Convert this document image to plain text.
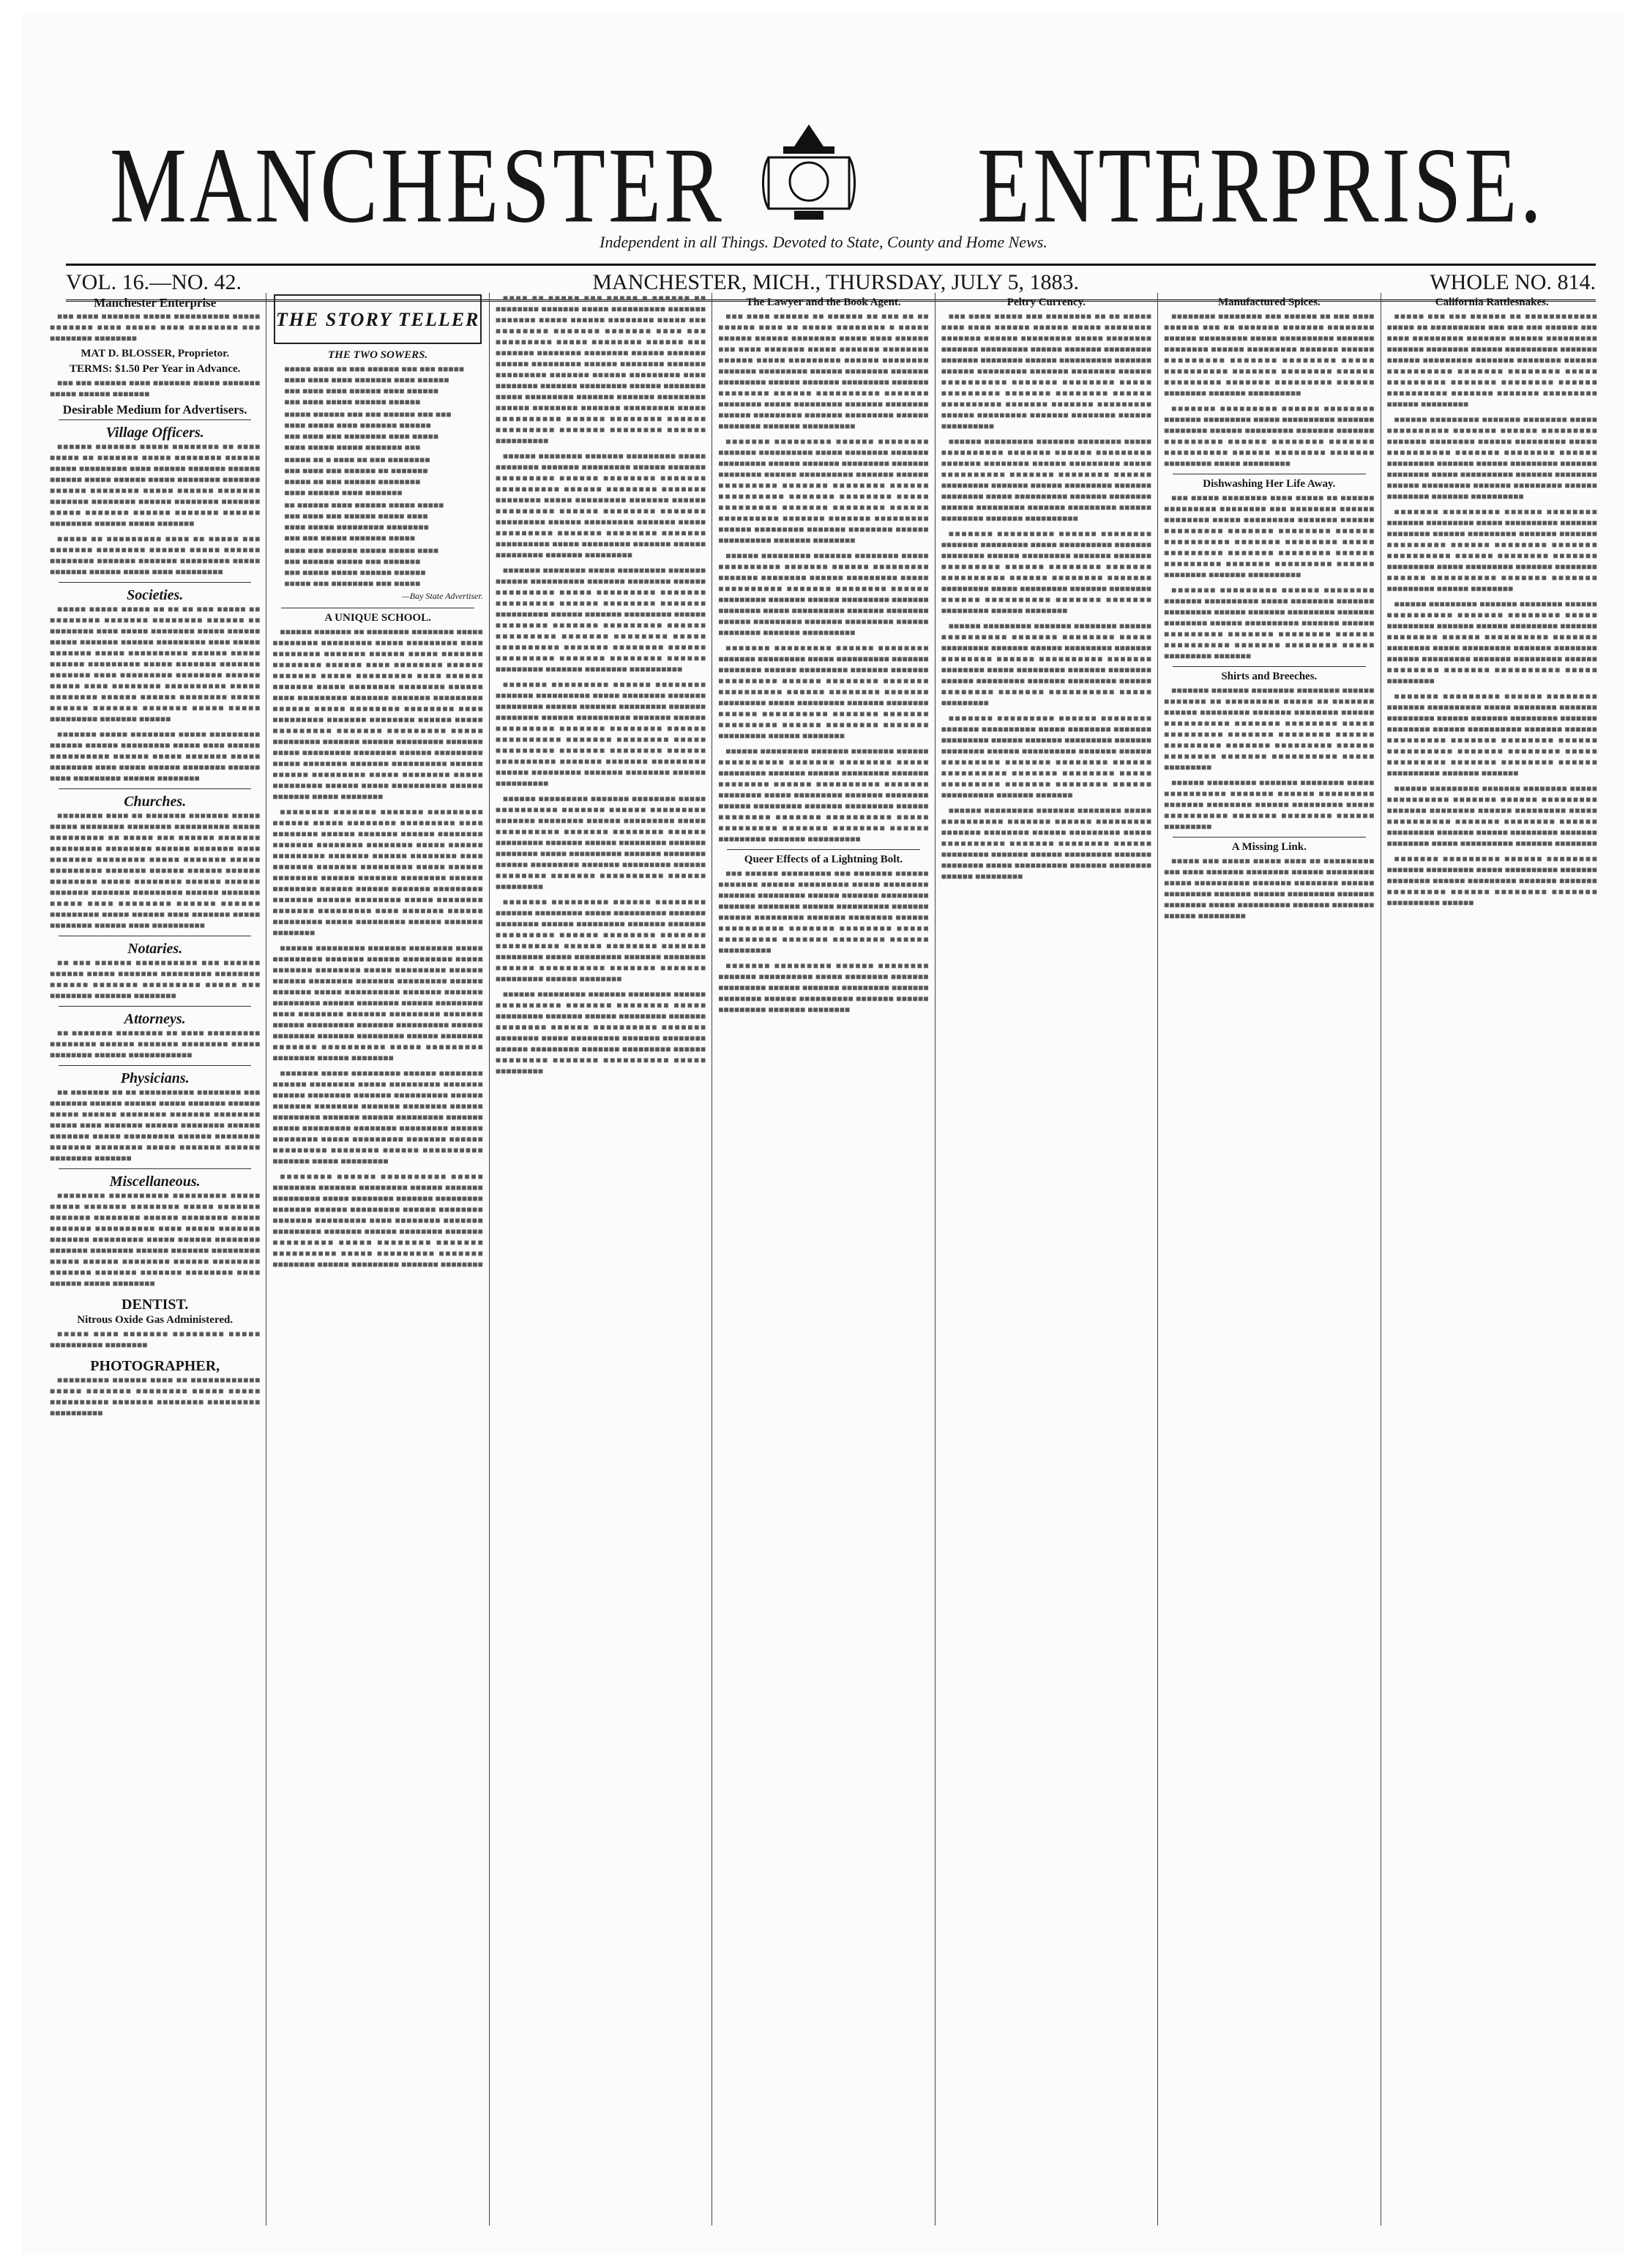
MANCHESTER	ENTERPRISE.
Independent in all Things. Devoted to State, County and Home News.
VOL. 16.—NO. 42.	MANCHESTER, MICH., THURSDAY, JULY 5, 1883.	WHOLE NO. 814.
Manchester Enterprise
■■■ ■■■■ ■■■■■■■ ■■■■■ ■■■■■■■■■■ ■■■■■ ■■■■■■■ ■■■■ ■■■■■ ■■■■ ■■■■■■■■ ■■■ ■■■■■■■■ ■■■■■■■■
MAT D. BLOSSER, Proprietor.
TERMS: $1.50 Per Year in Advance.
■■■ ■■■ ■■■■■■ ■■■■ ■■■■■■■ ■■■■■ ■■■■■■■ ■■■■■ ■■■■■■ ■■■■■■■
Desirable Medium for Advertisers.
Village Officers.
■■■■■■ ■■■■■■■ ■■■■■ ■■■■■■■■ ■■ ■■■■ ■■■■■ ■■ ■■■■■■■ ■■■■■ ■■■■■■■■ ■■■■■■ ■■■■■ ■■■■■■■■■ ■■■■ ■■■■■■ ■■■■■■■ ■■■■■■ ■■■■■■ ■■■■■ ■■■■■■ ■■■■■ ■■■■■■■■ ■■■■■■■ ■■■■■■ ■■■■■■■■ ■■■■■ ■■■■■■ ■■■■■■■ ■■■■■■■ ■■■■■■■■ ■■■■■■ ■■■■■■■■ ■■■■■■■ ■■■■■ ■■■■■■■ ■■■■■■ ■■■■■■■ ■■■■■■ ■■■■■■■■ ■■■■■■ ■■■■■ ■■■■■■■
■■■■■ ■■ ■■■■■■■■■ ■■■■ ■■ ■■■■■ ■■■ ■■■■■■■ ■■■■■■■■ ■■■■■■ ■■■■■ ■■■■■■ ■■■■■■■■ ■■■■■■■ ■■■■■■■ ■■■■■■■■■ ■■■■■ ■■■■■■■ ■■■■■■ ■■■■■ ■■■■ ■■■■■■■■■
Societies.
■■■■■ ■■■■■ ■■■■■ ■■ ■■ ■■ ■■■ ■■■■■ ■■ ■■■■■■■■ ■■■■■■■ ■■■■■■■■ ■■■■■■ ■■ ■■■■■■■■ ■■■■ ■■■■■ ■■■■■■■■ ■■■■■ ■■■■■■ ■■■■■ ■■■■■■■ ■■■■■■ ■■■■■■■■■ ■■■■ ■■■■■ ■■■■■■■ ■■■■■ ■■■■■■■■■■ ■■■■■■ ■■■■■ ■■■■■■ ■■■■■■■■■ ■■■■■ ■■■■■■■ ■■■■■■■ ■■■■■■■ ■■■■ ■■■■■■■■■ ■■■■■■■■ ■■■■■■ ■■■■■ ■■■■ ■■■■■■■■ ■■■■■■■■■■ ■■■■■ ■■■■■■■■ ■■■■■■ ■■■■■■ ■■■■■■■■ ■■■■■ ■■■■■■ ■■■■■■■ ■■■■■■■ ■■■■■ ■■■■■ ■■■■■■■■■ ■■■■■■■ ■■■■■■
■■■■■■■ ■■■■■ ■■■■■■■■ ■■■■■ ■■■■■■■■■ ■■■■■■ ■■■■■■ ■■■■■■■■■ ■■■■■ ■■■■ ■■■■■■ ■■■■■■■■■■ ■■■■■■ ■■■■■ ■■■■■■■ ■■■■■ ■■■■■■■■ ■■■■ ■■■■■ ■■■■■■ ■■■■■■■■ ■■■■■■ ■■■■ ■■■■■■■■■ ■■■■■■ ■■■■■■■■
Churches.
■■■■■■■■ ■■■■ ■■ ■■■■■■■ ■■■■■■■ ■■■■■ ■■■■■ ■■■■■■■■ ■■■■■■■■ ■■■■■■■■■■ ■■■■■ ■■■■■■■■■ ■■ ■■■■■ ■■■ ■■■■■■ ■■■■■■■ ■■■■■■■■■ ■■■■■■■■ ■■■■■■ ■■■■■■■ ■■■■ ■■■■■■■ ■■■■■■■■ ■■■■■ ■■■■■■■ ■■■■■ ■■■■■■■■■ ■■■■■■■ ■■■■■■ ■■■■■■ ■■■■■■ ■■■■■■■■ ■■■■■ ■■■■■■■■ ■■■■■■ ■■■■■■ ■■■■■■■ ■■■■■■■ ■■■■■■■■■ ■■■■■■ ■■■■■■■ ■■■■■ ■■■■ ■■■■■■■■ ■■■■■■ ■■■■■■ ■■■■■■■■■ ■■■■■ ■■■■■■ ■■■■ ■■■■■■■ ■■■■■ ■■■■■■■■ ■■■■■■ ■■■■ ■■■■■■■■■■
Notaries.
■■ ■■■ ■■■■■■ ■■■■■■■■■■ ■■■ ■■■■■■ ■■■■■■ ■■■■■ ■■■■■■■ ■■■■■■■■■ ■■■■■■■■ ■■■■■■ ■■■■■■■ ■■■■■■■■■ ■■■■■ ■■■ ■■■■■■■■ ■■■■■■■ ■■■■■■■■
Attorneys.
■■ ■■■■■■■ ■■■■■■■■ ■■ ■■■■ ■■■■■■■■■ ■■■■■■■■ ■■■■■■ ■■■■■■■ ■■■■■■■■ ■■■■■ ■■■■■■■■ ■■■■■■ ■■■■■■■■■■■■
Physicians.
■■ ■■■■■■■ ■■ ■■ ■■■■■■■■■■ ■■■■■■■■ ■■■ ■■■■■■■ ■■■■■■ ■■■■■■ ■■■■■ ■■■■■■■ ■■■■■■ ■■■■■ ■■■■■■ ■■■■■■■■ ■■■■■■■ ■■■■■■■■ ■■■■■ ■■■■ ■■■■■■■ ■■■■■■ ■■■■■■■■ ■■■■■■ ■■■■■■■ ■■■■■ ■■■■■■■■■ ■■■■■■ ■■■■■■■■ ■■■■■■■ ■■■■■■■■ ■■■■■ ■■■■■■■ ■■■■■■ ■■■■■■■■ ■■■■■■■
Miscellaneous.
■■■■■■■■ ■■■■■■■■■■ ■■■■■■■■■ ■■■■■ ■■■■■ ■■■■■■■ ■■■■■■■■ ■■■■■ ■■■■■■■ ■■■■■■■ ■■■■■■■■ ■■■■■■ ■■■■■■■■ ■■■■■ ■■■■■■■ ■■■■■■■■■■ ■■■■ ■■■■■ ■■■■■■■ ■■■■■■■ ■■■■■■■■■ ■■■■■ ■■■■■■ ■■■■■■■■ ■■■■■■■ ■■■■■■■■ ■■■■■■ ■■■■■■■ ■■■■■■■■■ ■■■■■ ■■■■■■ ■■■■■■■■ ■■■■■■ ■■■■■■■■ ■■■■■■■ ■■■■■■■ ■■■■■■■ ■■■■■■■■ ■■■■ ■■■■■■ ■■■■■ ■■■■■■■■
DENTIST.
Nitrous Oxide Gas Administered.
■■■■■ ■■■■ ■■■■■■■ ■■■■■■■■ ■■■■■ ■■■■■■■■■■ ■■■■■■■■
PHOTOGRAPHER,
■■■■■■■■■ ■■■■■■ ■■■■ ■■ ■■■■■■■■■■■■ ■■■■■ ■■■■■■■ ■■■■■■■■ ■■■■■ ■■■■■ ■■■■■■■■■■ ■■■■■■■ ■■■■■■■■ ■■■■■■■■■ ■■■■■■■■■■
THE STORY TELLER
THE TWO SOWERS.
■■■■■ ■■■■ ■■ ■■■ ■■■■■■ ■■■ ■■■ ■■■■■
■■■■ ■■■■ ■■■■ ■■■■■■■ ■■■■ ■■■■■■
■■■ ■■■■ ■■■■ ■■■■■■ ■■■■ ■■■■■■
■■■ ■■■■ ■■■■■ ■■■■■■ ■■■■■■
■■■■■ ■■■■■■ ■■■ ■■■ ■■■■■■ ■■■ ■■■
■■■■ ■■■■■ ■■■■ ■■■■■■■ ■■■■■■
■■■ ■■■■ ■■■ ■■■■■■■■ ■■■■ ■■■■■
■■■■ ■■■■■ ■■■■■ ■■■■■■■ ■■■
■■■■■ ■■ ■ ■■■■ ■■ ■■■ ■■■■■■■■
■■■ ■■■■ ■■■ ■■■■■■ ■■ ■■■■■■■
■■■■■ ■■ ■■■ ■■■■■■ ■■■■■■■■
■■■■ ■■■■■■ ■■■■ ■■■■■■■
■■ ■■■■■■ ■■■■ ■■■■■■ ■■■■■ ■■■■■
■■■ ■■■■ ■■■ ■■■■■■ ■■■■■ ■■■■
■■■■ ■■■■■ ■■■■■■■■■ ■■■■■■■■
■■■ ■■■ ■■■■■ ■■■■■■■ ■■■■■
■■■■ ■■■ ■■■■■■ ■■■■■ ■■■■■ ■■■■
■■■ ■■■■■■ ■■■■■ ■■■ ■■■■■■■
■■■ ■■■■■ ■■■■■ ■■■■■■ ■■■■■■
■■■■■ ■■■ ■■■■■■■■ ■■■ ■■■■■
—Bay State Advertiser.
A UNIQUE SCHOOL.
■■■■■■ ■■■■■■■ ■■ ■■■■■■■■ ■■■■■■■■ ■■■■■ ■■■■■■■■ ■■■■■■■■■ ■■■■■ ■■■■■■■■■ ■■■■ ■■■■■■■■ ■■■■■■■ ■■■■■■ ■■■■■ ■■■■■■■ ■■■■■■■■ ■■■■■■ ■■■■ ■■■■■■■■ ■■■■■■ ■■■■■■■ ■■■■■ ■■■■■■■■■ ■■■■ ■■■■■■ ■■■■■■■ ■■■■■ ■■■■■■■■ ■■■■■■■■ ■■■■■■ ■■■■ ■■■■■■■■■ ■■■■■■■ ■■■■■■■ ■■■■■■■■■ ■■■■■■ ■■■■■ ■■■■■■■■ ■■■■■■■■ ■■■■ ■■■■■■■■■ ■■■■■■■ ■■■■■■■■ ■■■■■■ ■■■■■ ■■■■■■■■■ ■■■■■■■ ■■■■■■■■■ ■■■■■ ■■■■■■■■■ ■■■■■■■ ■■■■■■ ■■■■■■■■■ ■■■■■■■ ■■■■■ ■■■■■■■■■ ■■■■■■■■ ■■■■■■ ■■■■■■■■■ ■■■■■ ■■■■■■■■ ■■■■■■■ ■■■■■■■■■■ ■■■■■■ ■■■■■■ ■■■■■■■■■ ■■■■■ ■■■■■■■■ ■■■■■ ■■■■■■■■■ ■■■■■■ ■■■■■ ■■■■■■■■■■ ■■■■■■ ■■■■■■■ ■■■■■ ■■■■■■■■
■■■■■■■■ ■■■■■■■ ■■■■■■■ ■■■■■■■■■ ■■■■■■ ■■■■■ ■■■■■■■■ ■■■■■■■■■ ■■■■ ■■■■■■■■ ■■■■■■ ■■■■■■■ ■■■■■■ ■■■■■■■■ ■■■■■■■ ■■■■■■■■ ■■■■■■■■ ■■■■■ ■■■■■■ ■■■■■■■■■ ■■■■■■■ ■■■■■■ ■■■■■■■■ ■■■■ ■■■■■■■ ■■■■■■■ ■■■■■■■■■ ■■■■■ ■■■■■■ ■■■■■■■■ ■■■■■■ ■■■■■■■ ■■■■■■■■ ■■■■■■ ■■■■■■■■ ■■■■■■ ■■■■■■ ■■■■■■■ ■■■■■■■■■ ■■■■■■■ ■■■■■■ ■■■■■■■■ ■■■■■ ■■■■■■■■ ■■■■■■■ ■■■■■■■■■ ■■■■ ■■■■■■■ ■■■■■■ ■■■■■■■■■ ■■■■■ ■■■■■■■■■ ■■■■■■ ■■■■■■■ ■■■■■■■■
■■■■■■ ■■■■■■■■■ ■■■■■■■ ■■■■■■■■ ■■■■■ ■■■■■■■■■ ■■■■■■■ ■■■■■■ ■■■■■■■■■ ■■■■■ ■■■■■■■ ■■■■■■■■ ■■■■■ ■■■■■■■■■ ■■■■■■ ■■■■■■ ■■■■■■■■ ■■■■■■■ ■■■■■■■■■ ■■■■■■ ■■■■■■■ ■■■■■ ■■■■■■■■■■ ■■■■■■■ ■■■■■■■ ■■■■■■■■■ ■■■■■■ ■■■■■■■■ ■■■■■■ ■■■■■■■■■ ■■■■ ■■■■■■■■ ■■■■■■■ ■■■■■■■■■ ■■■■■■■ ■■■■■■ ■■■■■■■■■ ■■■■■■■ ■■■■■■■■■■ ■■■■■■ ■■■■■■■■ ■■■■■■■ ■■■■■■■■■ ■■■■■■ ■■■■■■■■ ■■■■■■■ ■■■■■■■■■■ ■■■■■ ■■■■■■■■■ ■■■■■■■■ ■■■■■■ ■■■■■■■■
■■■■■■■ ■■■■■ ■■■■■■■■■ ■■■■■■ ■■■■■■■■ ■■■■■■ ■■■■■■■■ ■■■■■ ■■■■■■■■■ ■■■■■■■ ■■■■■■ ■■■■■■■■ ■■■■■■■ ■■■■■■■■■■ ■■■■■■ ■■■■■■■ ■■■■■■■■ ■■■■■■■ ■■■■■■■■ ■■■■■■ ■■■■■■■■■ ■■■■■■■ ■■■■■■ ■■■■■■■■■ ■■■■■■■ ■■■■■ ■■■■■■■■■ ■■■■■■■■ ■■■■■■■■■ ■■■■■■ ■■■■■■■■ ■■■■■ ■■■■■■■■■ ■■■■■■■ ■■■■■■ ■■■■■■■■■ ■■■■■■■■ ■■■■■■ ■■■■■■■■■■ ■■■■■■■ ■■■■■ ■■■■■■■■■
■■■■■■■■ ■■■■■■ ■■■■■■■■■■ ■■■■■ ■■■■■■■■ ■■■■■■■ ■■■■■■■■■ ■■■■■■ ■■■■■■■ ■■■■■■■■■ ■■■■■ ■■■■■■■■ ■■■■■■■ ■■■■■■■■■ ■■■■■■■ ■■■■■■ ■■■■■■■■■ ■■■■■■ ■■■■■■■■ ■■■■■■■ ■■■■■■■■■ ■■■■ ■■■■■■■■ ■■■■■■■ ■■■■■■■■■ ■■■■■■■ ■■■■■■ ■■■■■■■■ ■■■■■■■ ■■■■■■■■■ ■■■■■ ■■■■■■■■ ■■■■■■■ ■■■■■■■■■■ ■■■■■ ■■■■■■■■■ ■■■■■■■ ■■■■■■■■ ■■■■■■ ■■■■■■■■■ ■■■■■■■ ■■■■■■■■
■■■■ ■■ ■■■■■ ■■■ ■■■■■ ■ ■■■■■■ ■■ ■■■■■■■■ ■■■■■■■ ■■■■■ ■■■■■■■■■■ ■■■■■■■ ■■■■■■■ ■■■■■ ■■■■■■ ■■■■■■■■ ■■■■■ ■■■ ■■■■■■■■ ■■■■■■■ ■■■■■■■ ■■■■ ■■■ ■■■■■■■■■ ■■■■■ ■■■■■■■■ ■■■■■■ ■■■ ■■■■■■■ ■■■■■■■■ ■■■■■■■■ ■■■■■■ ■■■■■■■ ■■■■■■ ■■■■■■■■■ ■■■■■■ ■■■■■■■■ ■■■■■■■ ■■■■■■■■■ ■■■■■■■ ■■■■■■ ■■■■■■■■■ ■■■■ ■■■■■■■■ ■■■■■■■ ■■■■■■■■■ ■■■■■■ ■■■■■■■■ ■■■■■ ■■■■■■■■■ ■■■■■■■ ■■■■■■■ ■■■■■■■■■ ■■■■■■ ■■■■■■■■ ■■■■■■■ ■■■■■■■■■ ■■■■■ ■■■■■■■■■■ ■■■■■■ ■■■■■■■■ ■■■■■■ ■■■■■■■■■ ■■■■■■■ ■■■■■■■■ ■■■■■■ ■■■■■■■■■■
■■■■■■ ■■■■■■■■ ■■■■■■■ ■■■■■■■■■ ■■■■■ ■■■■■■■■ ■■■■■■■ ■■■■■■■■■ ■■■■■■ ■■■■■■■ ■■■■■■■■■ ■■■■■■ ■■■■■■■■ ■■■■■■■ ■■■■■■■■■■ ■■■■■■ ■■■■■■■■ ■■■■■■■ ■■■■■■■■ ■■■■■ ■■■■■■■■■ ■■■■■■■ ■■■■■■ ■■■■■■■■■ ■■■■■■ ■■■■■■■■ ■■■■■■■ ■■■■■■■■■ ■■■■■■ ■■■■■■■■■ ■■■■■■■ ■■■■■ ■■■■■■■■■ ■■■■■■■ ■■■■■■■■ ■■■■■■■ ■■■■■■■■■■ ■■■■■ ■■■■■■■■■ ■■■■■■■ ■■■■■■ ■■■■■■■■■ ■■■■■■■ ■■■■■■■■■
■■■■■■■ ■■■■■■■■ ■■■■■ ■■■■■■■■■ ■■■■■■■ ■■■■■■ ■■■■■■■■■■ ■■■■■■■ ■■■■■■■■ ■■■■■■ ■■■■■■■■■ ■■■■■ ■■■■■■■■■ ■■■■■■■ ■■■■■■■■■ ■■■■■■ ■■■■■■■■ ■■■■■■■ ■■■■■■■■■■ ■■■■■■ ■■■■■■■ ■■■■■■■■■ ■■■■■■ ■■■■■■■■ ■■■■■■■ ■■■■■■■■■ ■■■■■■ ■■■■■■■■■ ■■■■■■■ ■■■■■■■■ ■■■■■ ■■■■■■■■■■ ■■■■■■■ ■■■■■■■■ ■■■■■■ ■■■■■■■■■ ■■■■■■■ ■■■■■■■■ ■■■■■■ ■■■■■■■■■ ■■■■■■■ ■■■■■■■■ ■■■■■■■■■■
■■■■■■■ ■■■■■■■■■ ■■■■■■ ■■■■■■■■ ■■■■■■■ ■■■■■■■■■■ ■■■■■ ■■■■■■■■ ■■■■■■■ ■■■■■■■■■ ■■■■■■ ■■■■■■■ ■■■■■■■■■ ■■■■■■■ ■■■■■■■■ ■■■■■■ ■■■■■■■■■■ ■■■■■■■ ■■■■■■ ■■■■■■■■■ ■■■■■■■ ■■■■■■■■ ■■■■■■ ■■■■■■■■■■ ■■■■■■■ ■■■■■■■■ ■■■■■ ■■■■■■■■■ ■■■■■■■ ■■■■■■■■ ■■■■■■ ■■■■■■■■■■ ■■■■■■■ ■■■■■■■ ■■■■■■■■■ ■■■■■■ ■■■■■■■■■ ■■■■■■■ ■■■■■■■■ ■■■■■■ ■■■■■■■■■■
■■■■■■ ■■■■■■■■■ ■■■■■■■ ■■■■■■■■ ■■■■■ ■■■■■■■■■■ ■■■■■■■ ■■■■■■ ■■■■■■■■■ ■■■■■■■ ■■■■■■■■ ■■■■■■ ■■■■■■■■■ ■■■■■ ■■■■■■■■■■ ■■■■■■■ ■■■■■■■■ ■■■■■■ ■■■■■■■■■ ■■■■■■■ ■■■■■■ ■■■■■■■■■ ■■■■■■■ ■■■■■■■■ ■■■■■ ■■■■■■■■■■ ■■■■■■■ ■■■■■■■■ ■■■■■■ ■■■■■■■■■ ■■■■■■■ ■■■■■■■■■ ■■■■■■ ■■■■■■■■ ■■■■■■■ ■■■■■■■■■■ ■■■■■■ ■■■■■■■■■
■■■■■■■ ■■■■■■■■■ ■■■■■■ ■■■■■■■■ ■■■■■■■ ■■■■■■■■■ ■■■■■ ■■■■■■■■■■ ■■■■■■■ ■■■■■■■■ ■■■■■■ ■■■■■■■■■ ■■■■■■■ ■■■■■■■ ■■■■■■■■■ ■■■■■■ ■■■■■■■■ ■■■■■■■ ■■■■■■■■■■ ■■■■■■ ■■■■■■■■ ■■■■■■■ ■■■■■■■■■ ■■■■■ ■■■■■■■■■ ■■■■■■■ ■■■■■■■■ ■■■■■■ ■■■■■■■■■■ ■■■■■■■ ■■■■■■■ ■■■■■■■■■ ■■■■■■ ■■■■■■■■
■■■■■■ ■■■■■■■■■ ■■■■■■■ ■■■■■■■■ ■■■■■■ ■■■■■■■■■■ ■■■■■■■ ■■■■■■■■ ■■■■■ ■■■■■■■■■ ■■■■■■■ ■■■■■■ ■■■■■■■■■ ■■■■■■■ ■■■■■■■■ ■■■■■■ ■■■■■■■■■■ ■■■■■■■ ■■■■■■■■ ■■■■■ ■■■■■■■■■ ■■■■■■■ ■■■■■■■■ ■■■■■■ ■■■■■■■■■ ■■■■■■■ ■■■■■■■■■ ■■■■■■ ■■■■■■■■ ■■■■■■■ ■■■■■■■■■■ ■■■■■ ■■■■■■■■■
The Lawyer and the Book Agent.
■■■ ■■■■ ■■■■■■ ■■ ■■■■■■ ■■ ■■■ ■■ ■■ ■■■■■■ ■■■■ ■■ ■■■■■ ■■■■■■■■ ■ ■■■■■ ■■■■■■ ■■■■■■ ■■■■■■■■ ■■■■■ ■■■■ ■■■■■■ ■■■ ■■■■ ■■■■■■■ ■■■■■ ■■■■■■■ ■■■■■■■■ ■■■■■■ ■■■■■ ■■■■■■■■■ ■■■■■■ ■■■■■■■■ ■■■■■■■ ■■■■■■■■■ ■■■■■■ ■■■■■■■■ ■■■■■■■ ■■■■■■■■■ ■■■■■■ ■■■■■■■ ■■■■■■■■■ ■■■■■■■ ■■■■■■■■ ■■■■■■ ■■■■■■■■■■ ■■■■■■■ ■■■■■■■■ ■■■■■ ■■■■■■■■■ ■■■■■■■ ■■■■■■■■ ■■■■■■ ■■■■■■■■■ ■■■■■■■ ■■■■■■■■■ ■■■■■■ ■■■■■■■■ ■■■■■■■ ■■■■■■■■■■
■■■■■■■ ■■■■■■■■■ ■■■■■■ ■■■■■■■■ ■■■■■■■ ■■■■■■■■■■ ■■■■■ ■■■■■■■■ ■■■■■■■ ■■■■■■■■■ ■■■■■■ ■■■■■■■ ■■■■■■■■■ ■■■■■■■ ■■■■■■■■ ■■■■■■ ■■■■■■■■■■ ■■■■■■■ ■■■■■■ ■■■■■■■■■ ■■■■■■■ ■■■■■■■■ ■■■■■■ ■■■■■■■■■■ ■■■■■■■ ■■■■■■■■ ■■■■■ ■■■■■■■■■ ■■■■■■■ ■■■■■■■■ ■■■■■■ ■■■■■■■■■■ ■■■■■■■ ■■■■■■■ ■■■■■■■■■ ■■■■■■ ■■■■■■■■■ ■■■■■■■ ■■■■■■■■ ■■■■■■ ■■■■■■■■■■ ■■■■■■■ ■■■■■■■■
■■■■■■ ■■■■■■■■■ ■■■■■■■ ■■■■■■■■ ■■■■■ ■■■■■■■■■■ ■■■■■■■ ■■■■■■ ■■■■■■■■■ ■■■■■■■ ■■■■■■■■ ■■■■■■ ■■■■■■■■■ ■■■■■ ■■■■■■■■■■ ■■■■■■■ ■■■■■■■■ ■■■■■■ ■■■■■■■■■ ■■■■■■■ ■■■■■■ ■■■■■■■■■ ■■■■■■■ ■■■■■■■■ ■■■■■ ■■■■■■■■■■ ■■■■■■■ ■■■■■■■■ ■■■■■■ ■■■■■■■■■ ■■■■■■■ ■■■■■■■■■ ■■■■■■ ■■■■■■■■ ■■■■■■■ ■■■■■■■■■■
■■■■■■■ ■■■■■■■■■ ■■■■■■ ■■■■■■■■ ■■■■■■■ ■■■■■■■■■ ■■■■■ ■■■■■■■■■■ ■■■■■■■ ■■■■■■■■ ■■■■■■ ■■■■■■■■■ ■■■■■■■ ■■■■■■■ ■■■■■■■■■ ■■■■■■ ■■■■■■■■ ■■■■■■■ ■■■■■■■■■■ ■■■■■■ ■■■■■■■■ ■■■■■■■ ■■■■■■■■■ ■■■■■ ■■■■■■■■■ ■■■■■■■ ■■■■■■■■ ■■■■■■ ■■■■■■■■■■ ■■■■■■■ ■■■■■■■ ■■■■■■■■■ ■■■■■■ ■■■■■■■■ ■■■■■■■ ■■■■■■■■■ ■■■■■■ ■■■■■■■■
■■■■■■ ■■■■■■■■■ ■■■■■■■ ■■■■■■■■ ■■■■■■ ■■■■■■■■■■ ■■■■■■■ ■■■■■■■■ ■■■■■ ■■■■■■■■■ ■■■■■■■ ■■■■■■ ■■■■■■■■■ ■■■■■■■ ■■■■■■■■ ■■■■■■ ■■■■■■■■■■ ■■■■■■■ ■■■■■■■■ ■■■■■ ■■■■■■■■■ ■■■■■■■ ■■■■■■■■ ■■■■■■ ■■■■■■■■■ ■■■■■■■ ■■■■■■■■■ ■■■■■■ ■■■■■■■■ ■■■■■■■ ■■■■■■■■■■ ■■■■■ ■■■■■■■■■ ■■■■■■■ ■■■■■■■■ ■■■■■■ ■■■■■■■■■ ■■■■■■■ ■■■■■■■■■■
Queer Effects of a Lightning Bolt.
■■■ ■■■■■■ ■■■■■■■■■ ■■■ ■■■■■■■ ■■■■■■ ■■■■■■■ ■■■■■■ ■■■■■■■■■ ■■■■■ ■■■■■■■■ ■■■■■■■ ■■■■■■■■■ ■■■■■■ ■■■■■■■ ■■■■■■■■■ ■■■■■■■ ■■■■■■■■ ■■■■■■ ■■■■■■■■■■ ■■■■■■■ ■■■■■■ ■■■■■■■■■ ■■■■■■■ ■■■■■■■■ ■■■■■■ ■■■■■■■■■■ ■■■■■■■ ■■■■■■■■ ■■■■■ ■■■■■■■■■ ■■■■■■■ ■■■■■■■■ ■■■■■■ ■■■■■■■■■■
■■■■■■■ ■■■■■■■■■ ■■■■■■ ■■■■■■■■ ■■■■■■■ ■■■■■■■■■■ ■■■■■ ■■■■■■■■ ■■■■■■■ ■■■■■■■■■ ■■■■■■ ■■■■■■■ ■■■■■■■■■ ■■■■■■■ ■■■■■■■■ ■■■■■■ ■■■■■■■■■■ ■■■■■■■ ■■■■■■ ■■■■■■■■■ ■■■■■■■ ■■■■■■■■
Peltry Currency.
■■■ ■■■■ ■■■■■ ■■■ ■■■■■■■■ ■■ ■■ ■■■■■ ■■■■ ■■■■ ■■■■■■ ■■■■■■ ■■■■■ ■■■■■■■■ ■■■■■■■ ■■■■■■ ■■■■■■■■■ ■■■■■ ■■■■■■■■ ■■■■■■■ ■■■■■■■■■ ■■■■■■ ■■■■■■■ ■■■■■■■■■ ■■■■■■■ ■■■■■■■■ ■■■■■■ ■■■■■■■■■■ ■■■■■■■ ■■■■■■ ■■■■■■■■■ ■■■■■■■ ■■■■■■■■ ■■■■■■ ■■■■■■■■■■ ■■■■■■■ ■■■■■■■■ ■■■■■ ■■■■■■■■■ ■■■■■■■ ■■■■■■■■ ■■■■■■ ■■■■■■■■■■ ■■■■■■■ ■■■■■■■ ■■■■■■■■■ ■■■■■■ ■■■■■■■■■ ■■■■■■■ ■■■■■■■■ ■■■■■■ ■■■■■■■■■■
■■■■■■ ■■■■■■■■■ ■■■■■■■ ■■■■■■■■ ■■■■■ ■■■■■■■■■■ ■■■■■■■ ■■■■■■ ■■■■■■■■■ ■■■■■■■ ■■■■■■■■ ■■■■■■ ■■■■■■■■■ ■■■■■ ■■■■■■■■■■ ■■■■■■■ ■■■■■■■■ ■■■■■■ ■■■■■■■■■ ■■■■■■■ ■■■■■■ ■■■■■■■■■ ■■■■■■■ ■■■■■■■■ ■■■■■ ■■■■■■■■■■ ■■■■■■■ ■■■■■■■■ ■■■■■■ ■■■■■■■■■ ■■■■■■■ ■■■■■■■■■ ■■■■■■ ■■■■■■■■ ■■■■■■■ ■■■■■■■■■■
■■■■■■■ ■■■■■■■■■ ■■■■■■ ■■■■■■■■ ■■■■■■■ ■■■■■■■■■ ■■■■■ ■■■■■■■■■■ ■■■■■■■ ■■■■■■■■ ■■■■■■ ■■■■■■■■■ ■■■■■■■ ■■■■■■■ ■■■■■■■■■ ■■■■■■ ■■■■■■■■ ■■■■■■■ ■■■■■■■■■■ ■■■■■■ ■■■■■■■■ ■■■■■■■ ■■■■■■■■■ ■■■■■ ■■■■■■■■■ ■■■■■■■ ■■■■■■■■ ■■■■■■ ■■■■■■■■■■ ■■■■■■■ ■■■■■■■ ■■■■■■■■■ ■■■■■■ ■■■■■■■■
■■■■■■ ■■■■■■■■■ ■■■■■■■ ■■■■■■■■ ■■■■■■ ■■■■■■■■■■ ■■■■■■■ ■■■■■■■■ ■■■■■ ■■■■■■■■■ ■■■■■■■ ■■■■■■ ■■■■■■■■■ ■■■■■■■ ■■■■■■■■ ■■■■■■ ■■■■■■■■■■ ■■■■■■■ ■■■■■■■■ ■■■■■ ■■■■■■■■■ ■■■■■■■ ■■■■■■■■ ■■■■■■ ■■■■■■■■■ ■■■■■■■ ■■■■■■■■■ ■■■■■■ ■■■■■■■■ ■■■■■■■ ■■■■■■■■■■ ■■■■■ ■■■■■■■■■
■■■■■■■ ■■■■■■■■■ ■■■■■■ ■■■■■■■■ ■■■■■■■ ■■■■■■■■■■ ■■■■■ ■■■■■■■■ ■■■■■■■ ■■■■■■■■■ ■■■■■■ ■■■■■■■ ■■■■■■■■■ ■■■■■■■ ■■■■■■■■ ■■■■■■ ■■■■■■■■■■ ■■■■■■■ ■■■■■■ ■■■■■■■■■ ■■■■■■■ ■■■■■■■■ ■■■■■■ ■■■■■■■■■■ ■■■■■■■ ■■■■■■■■ ■■■■■ ■■■■■■■■■ ■■■■■■■ ■■■■■■■■ ■■■■■■ ■■■■■■■■■■ ■■■■■■■ ■■■■■■■
■■■■■■ ■■■■■■■■■ ■■■■■■■ ■■■■■■■■ ■■■■■ ■■■■■■■■■■ ■■■■■■■ ■■■■■■ ■■■■■■■■■ ■■■■■■■ ■■■■■■■■ ■■■■■■ ■■■■■■■■■ ■■■■■ ■■■■■■■■■■ ■■■■■■■ ■■■■■■■■ ■■■■■■ ■■■■■■■■■ ■■■■■■■ ■■■■■■ ■■■■■■■■■ ■■■■■■■ ■■■■■■■■ ■■■■■ ■■■■■■■■■■ ■■■■■■■ ■■■■■■■■ ■■■■■■ ■■■■■■■■■
Manufactured Spices.
■■■■■■■■ ■■■■■■■■ ■■■ ■■■■■■ ■■ ■■■ ■■■■ ■■■■■■ ■■■ ■■ ■■■■■■■ ■■■■■■■ ■■■■■■■■ ■■■■■■ ■■■■■■■■■ ■■■■■ ■■■■■■■■■■ ■■■■■■■ ■■■■■■■■ ■■■■■■ ■■■■■■■■■ ■■■■■■■ ■■■■■■ ■■■■■■■■■ ■■■■■■■ ■■■■■■■■ ■■■■■ ■■■■■■■■■■ ■■■■■■■ ■■■■■■■■ ■■■■■■ ■■■■■■■■■ ■■■■■■■ ■■■■■■■■■ ■■■■■■ ■■■■■■■■ ■■■■■■■ ■■■■■■■■■■
■■■■■■■ ■■■■■■■■■ ■■■■■■ ■■■■■■■■ ■■■■■■■ ■■■■■■■■■ ■■■■■ ■■■■■■■■■■ ■■■■■■■ ■■■■■■■■ ■■■■■■ ■■■■■■■■■ ■■■■■■■ ■■■■■■■ ■■■■■■■■■ ■■■■■■ ■■■■■■■■ ■■■■■■■ ■■■■■■■■■■ ■■■■■■ ■■■■■■■■ ■■■■■■■ ■■■■■■■■■ ■■■■■ ■■■■■■■■■
Dishwashing Her Life Away.
■■■ ■■■■■ ■■■■■■■■ ■■■■ ■■■■■ ■■ ■■■■■■ ■■■■■■■■■ ■■■■■■■■ ■■■ ■■■■■■■■ ■■■■■■ ■■■■■■■■ ■■■■■ ■■■■■■■■■ ■■■■■■■ ■■■■■■ ■■■■■■■■■ ■■■■■■■ ■■■■■■■■ ■■■■■■ ■■■■■■■■■■ ■■■■■■■ ■■■■■■■■ ■■■■■ ■■■■■■■■■ ■■■■■■■ ■■■■■■■■ ■■■■■■ ■■■■■■■■■ ■■■■■■■ ■■■■■■■■■ ■■■■■■ ■■■■■■■■ ■■■■■■■ ■■■■■■■■■■
■■■■■■■ ■■■■■■■■■ ■■■■■■ ■■■■■■■■ ■■■■■■■ ■■■■■■■■■■ ■■■■■ ■■■■■■■■ ■■■■■■■ ■■■■■■■■■ ■■■■■■ ■■■■■■■ ■■■■■■■■■ ■■■■■■■ ■■■■■■■■ ■■■■■■ ■■■■■■■■■■ ■■■■■■■ ■■■■■■ ■■■■■■■■■ ■■■■■■■ ■■■■■■■■ ■■■■■■ ■■■■■■■■■■ ■■■■■■■ ■■■■■■■■ ■■■■■ ■■■■■■■■■ ■■■■■■■
Shirts and Breeches.
■■■■■■■ ■■■■■■■ ■■■■■■■■ ■■■■■■■■ ■■■■■■ ■■■■■■■ ■■ ■■■■■■■■■ ■■■■■ ■■ ■■■■■■■ ■■■■■■ ■■■■■■■■■ ■■■■■■■ ■■■■■■■■ ■■■■■■ ■■■■■■■■■■ ■■■■■■■ ■■■■■■■■ ■■■■■ ■■■■■■■■■ ■■■■■■■ ■■■■■■■■ ■■■■■■ ■■■■■■■■■ ■■■■■■■ ■■■■■■■■■ ■■■■■■ ■■■■■■■■ ■■■■■■■ ■■■■■■■■■■ ■■■■■ ■■■■■■■■■
■■■■■■ ■■■■■■■■■ ■■■■■■■ ■■■■■■■■ ■■■■■ ■■■■■■■■■■ ■■■■■■■ ■■■■■■ ■■■■■■■■■ ■■■■■■■ ■■■■■■■■ ■■■■■■ ■■■■■■■■■ ■■■■■ ■■■■■■■■■■ ■■■■■■■ ■■■■■■■■ ■■■■■■ ■■■■■■■■■
A Missing Link.
■■■■■ ■■■ ■■■■■ ■■■■■ ■■■■ ■■ ■■■■■■■■■ ■■■ ■■■■ ■■■■■■■ ■■■■■■■■ ■■■■■■ ■■■■■■■■■ ■■■■■ ■■■■■■■■■■ ■■■■■■■ ■■■■■■■■ ■■■■■■ ■■■■■■■■■ ■■■■■■■ ■■■■■■ ■■■■■■■■■ ■■■■■■■ ■■■■■■■■ ■■■■■ ■■■■■■■■■■ ■■■■■■■ ■■■■■■■■ ■■■■■■ ■■■■■■■■■
California Rattlesnakes.
■■■■■ ■■■ ■■■ ■■■■■■ ■■ ■■■■■■■■■■■■ ■■■■■ ■■ ■■■■■■■■■■ ■■■ ■■■ ■■■ ■■■■■■ ■■■ ■■■■ ■■■■■■■■■ ■■■■■■■ ■■■■■■ ■■■■■■■■■ ■■■■■■■ ■■■■■■■■ ■■■■■■ ■■■■■■■■■■ ■■■■■■■ ■■■■■■ ■■■■■■■■■ ■■■■■■■ ■■■■■■■■ ■■■■■■ ■■■■■■■■■■ ■■■■■■■ ■■■■■■■■ ■■■■■ ■■■■■■■■■ ■■■■■■■ ■■■■■■■■ ■■■■■■ ■■■■■■■■■■ ■■■■■■■ ■■■■■■■ ■■■■■■■■■ ■■■■■■ ■■■■■■■■■
■■■■■■ ■■■■■■■■■ ■■■■■■■ ■■■■■■■■ ■■■■■ ■■■■■■■■■■ ■■■■■■■ ■■■■■■ ■■■■■■■■■ ■■■■■■■ ■■■■■■■■ ■■■■■■ ■■■■■■■■■ ■■■■■ ■■■■■■■■■■ ■■■■■■■ ■■■■■■■■ ■■■■■■ ■■■■■■■■■ ■■■■■■■ ■■■■■■ ■■■■■■■■■ ■■■■■■■ ■■■■■■■■ ■■■■■ ■■■■■■■■■■ ■■■■■■■ ■■■■■■■■ ■■■■■■ ■■■■■■■■■ ■■■■■■■ ■■■■■■■■■ ■■■■■■ ■■■■■■■■ ■■■■■■■ ■■■■■■■■■■
■■■■■■■ ■■■■■■■■■ ■■■■■■ ■■■■■■■■ ■■■■■■■ ■■■■■■■■■ ■■■■■ ■■■■■■■■■■ ■■■■■■■ ■■■■■■■■ ■■■■■■ ■■■■■■■■■ ■■■■■■■ ■■■■■■■ ■■■■■■■■■ ■■■■■■ ■■■■■■■■ ■■■■■■■ ■■■■■■■■■■ ■■■■■■ ■■■■■■■■ ■■■■■■■ ■■■■■■■■■ ■■■■■ ■■■■■■■■■ ■■■■■■■ ■■■■■■■■ ■■■■■■ ■■■■■■■■■■ ■■■■■■■ ■■■■■■■ ■■■■■■■■■ ■■■■■■ ■■■■■■■■
■■■■■■ ■■■■■■■■■ ■■■■■■■ ■■■■■■■■ ■■■■■■ ■■■■■■■■■■ ■■■■■■■ ■■■■■■■■ ■■■■■ ■■■■■■■■■ ■■■■■■■ ■■■■■■ ■■■■■■■■■ ■■■■■■■ ■■■■■■■■ ■■■■■■ ■■■■■■■■■■ ■■■■■■■ ■■■■■■■■ ■■■■■ ■■■■■■■■■ ■■■■■■■ ■■■■■■■■ ■■■■■■ ■■■■■■■■■ ■■■■■■■ ■■■■■■■■■ ■■■■■■ ■■■■■■■■ ■■■■■■■ ■■■■■■■■■■ ■■■■■ ■■■■■■■■■
■■■■■■■ ■■■■■■■■■ ■■■■■■ ■■■■■■■■ ■■■■■■■ ■■■■■■■■■■ ■■■■■ ■■■■■■■■ ■■■■■■■ ■■■■■■■■■ ■■■■■■ ■■■■■■■ ■■■■■■■■■ ■■■■■■■ ■■■■■■■■ ■■■■■■ ■■■■■■■■■■ ■■■■■■■ ■■■■■■ ■■■■■■■■■ ■■■■■■■ ■■■■■■■■ ■■■■■■ ■■■■■■■■■■ ■■■■■■■ ■■■■■■■■ ■■■■■ ■■■■■■■■■ ■■■■■■■ ■■■■■■■■ ■■■■■■ ■■■■■■■■■■ ■■■■■■■ ■■■■■■■
■■■■■■ ■■■■■■■■■ ■■■■■■■ ■■■■■■■■ ■■■■■ ■■■■■■■■■■ ■■■■■■■ ■■■■■■ ■■■■■■■■■ ■■■■■■■ ■■■■■■■■ ■■■■■■ ■■■■■■■■■ ■■■■■ ■■■■■■■■■■ ■■■■■■■ ■■■■■■■■ ■■■■■■ ■■■■■■■■■ ■■■■■■■ ■■■■■■ ■■■■■■■■■ ■■■■■■■ ■■■■■■■■ ■■■■■ ■■■■■■■■■■ ■■■■■■■ ■■■■■■■■
■■■■■■■ ■■■■■■■■■ ■■■■■■ ■■■■■■■■ ■■■■■■■ ■■■■■■■■■ ■■■■■ ■■■■■■■■■■ ■■■■■■■ ■■■■■■■■ ■■■■■■ ■■■■■■■■■ ■■■■■■■ ■■■■■■■ ■■■■■■■■■ ■■■■■■ ■■■■■■■■ ■■■■■■■ ■■■■■■■■■■ ■■■■■■
